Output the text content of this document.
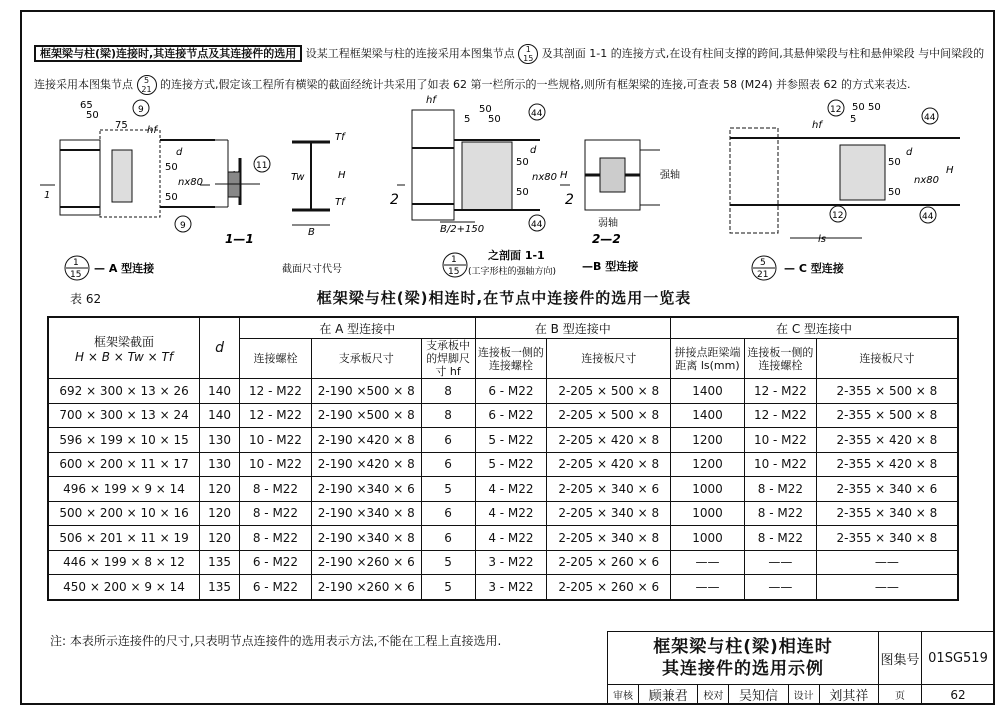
框架梁与柱(梁)连接时,其连接节点及其连接件的选用 设某工程框架梁与柱的连接采用本图集节点	1
15 及其剖面 1-1 的连接方式,在设有柱间支撑的跨间,其悬伸梁段与柱和悬伸梁段 与中间梁段的连接采用本图集节点	5
21 的连接方式,假定该工程所有横梁的截面经统计共采用了如表 62 第一栏所示的一些规格,则所有框架梁的连接,可查表 58 (M24) 并参照表 62 的方式来表达.
65
50
75
50
50
hf
d
nx80
1
9
11
9
Tf
Tw	H
Tf
B
50
5 50
50
50
hf
d
nx80 H
2	2
B/2+150
44
44
2—2
强轴
弱轴
50 50
5
50
50
hf
d
nx80
H
ls
12
44
12	44
1
15 — A 型连接
1—1
截面尺寸代号
1
15
之剖面 1-1
(工字形柱的强轴方向) —B 型连接	5
21 — C 型连接
表 62	框架梁与柱(梁)相连时,在节点中连接件的选用一览表
框架梁截面
H × B × Tw × Tf	d	在 A 型连接中			在 B 型连接中		在 C 型连接中		
		连接螺栓	支承板尺寸	支承板中的焊脚尺寸 hf	连接板一侧的连接螺栓	连接板尺寸	拼接点距梁端距离 ls(mm)	连接板一侧的连接螺栓	连接板尺寸
692 × 300 × 13 × 26	140	12 - M22	2-190 ×500 × 8	8	6 - M22	2-205 × 500 × 8	1400	12 - M22	2-355 × 500 × 8
700 × 300 × 13 × 24	140	12 - M22	2-190 ×500 × 8	8	6 - M22	2-205 × 500 × 8	1400	12 - M22	2-355 × 500 × 8
596 × 199 × 10 × 15	130	10 - M22	2-190 ×420 × 8	6	5 - M22	2-205 × 420 × 8	1200	10 - M22	2-355 × 420 × 8
600 × 200 × 11 × 17	130	10 - M22	2-190 ×420 × 8	6	5 - M22	2-205 × 420 × 8	1200	10 - M22	2-355 × 420 × 8
496 × 199 × 9 × 14	120	8 - M22	2-190 ×340 × 6	5	4 - M22	2-205 × 340 × 6	1000	8 - M22	2-355 × 340 × 6
500 × 200 × 10 × 16	120	8 - M22	2-190 ×340 × 8	6	4 - M22	2-205 × 340 × 8	1000	8 - M22	2-355 × 340 × 8
506 × 201 × 11 × 19	120	8 - M22	2-190 ×340 × 8	6	4 - M22	2-205 × 340 × 8	1000	8 - M22	2-355 × 340 × 8
446 × 199 × 8 × 12	135	6 - M22	2-190 ×260 × 6	5	3 - M22	2-205 × 260 × 6	——	——	——
450 × 200 × 9 × 14	135	6 - M22	2-190 ×260 × 6	5	3 - M22	2-205 × 260 × 6	——	——	——
注: 本表所示连接件的尺寸,只表明节点连接件的选用表示方法,不能在工程上直接选用.	框架梁与柱(梁)相连时
其连接件的选用示例						图集号	01SG519
审核	顾兼君	校对	吴知信	设计	刘其祥	页	62
